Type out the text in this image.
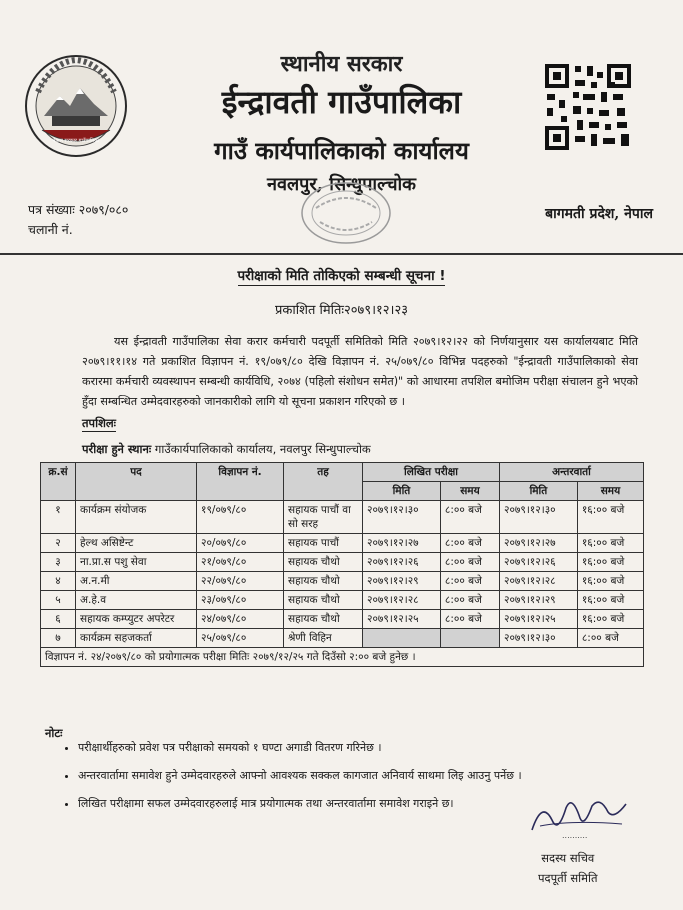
नेपाल सरकार गाउँपालिका
स्थानीय सरकार
ईन्द्रावती गाउँपालिका
गाउँ कार्यपालिकाको कार्यालय
नवलपुर, सिन्धुपाल्चोक
पत्र संख्याः २०७९/०८०
चलानी नं.
बागमती प्रदेश, नेपाल
परीक्षाको मिति तोकिएको सम्बन्धी सूचना !
प्रकाशित मितिः२०७९।१२।२३

यस ईन्द्रावती गाउँपालिका सेवा करार कर्मचारी पदपूर्ती समितिको मिति २०७९।१२।२२ को निर्णयानुसार यस कार्यालयबाट मिति २०७९।११।१४ गते प्रकाशित विज्ञापन नं. १९/०७९/८० देखि विज्ञापन नं. २५/०७९/८० विभिन्न पदहरुको "ईन्द्रावती गाउँपालिकाको सेवा करारमा कर्मचारी व्यवस्थापन सम्बन्धी कार्यविधि, २०७४ (पहिलो संशोधन समेत)" को आधारमा तपशिल बमोजिम परीक्षा संचालन हुने भएको हुँदा सम्बन्धित उम्मेदवारहरुको जानकारीको लागि यो सूचना प्रकाशन गरिएको छ ।

तपशिलः
परीक्षा हुने स्थानः गाउँकार्यपालिकाको कार्यालय, नवलपुर सिन्धुपाल्चोक
क्र.सं	पद	विज्ञापन नं.	तह	लिखित परीक्षा		अन्तरवार्ता	
				मिति	समय	मिति	समय
१	कार्यक्रम संयोजक	१९/०७९/८०	सहायक पाचौं वा सो सरह	२०७९।१२।३०	८:०० बजे	२०७९।१२।३०	१६:०० बजे
२	हेल्थ असिष्टेन्ट	२०/०७९/८०	सहायक पाचौं	२०७९।१२।२७	८:०० बजे	२०७९।१२।२७	१६:०० बजे
३	ना.प्रा.स पशु सेवा	२१/०७९/८०	सहायक चौथो	२०७९।१२।२६	८:०० बजे	२०७९।१२।२६	१६:०० बजे
४	अ.न.मी	२२/०७९/८०	सहायक चौथो	२०७९।१२।२९	८:०० बजे	२०७९।१२।२८	१६:०० बजे
५	अ.हे.व	२३/०७९/८०	सहायक चौथो	२०७९।१२।२८	८:०० बजे	२०७९।१२।२९	१६:०० बजे
६	सहायक कम्प्युटर अपरेटर	२४/०७९/८०	सहायक चौथो	२०७९।१२।२५	८:०० बजे	२०७९।१२।२५	१६:०० बजे
७	कार्यक्रम सहजकर्ता	२५/०७९/८०	श्रेणी विहिन			२०७९।१२।३०	८:०० बजे
विज्ञापन नं. २४/२०७९/८० को प्रयोगात्मक परीक्षा मितिः २०७९/१२/२५ गते दिउँसो २:०० बजे हुनेछ ।							
नोटः
• परीक्षार्थीहरुको प्रवेश पत्र परीक्षाको समयको १ घण्टा अगाडी वितरण गरिनेछ ।
• अन्तरवार्तामा समावेश हुने उम्मेदवारहरुले आफ्नो आवश्यक सक्कल कागजात अनिवार्य साथमा लिइ आउनु पर्नेछ ।
• लिखित परीक्षामा सफल उम्मेदवारहरुलाई मात्र प्रयोगात्मक तथा अन्तरवार्तामा समावेश गराइने छ।
..........
सदस्य सचिव
पदपूर्ती समिति
